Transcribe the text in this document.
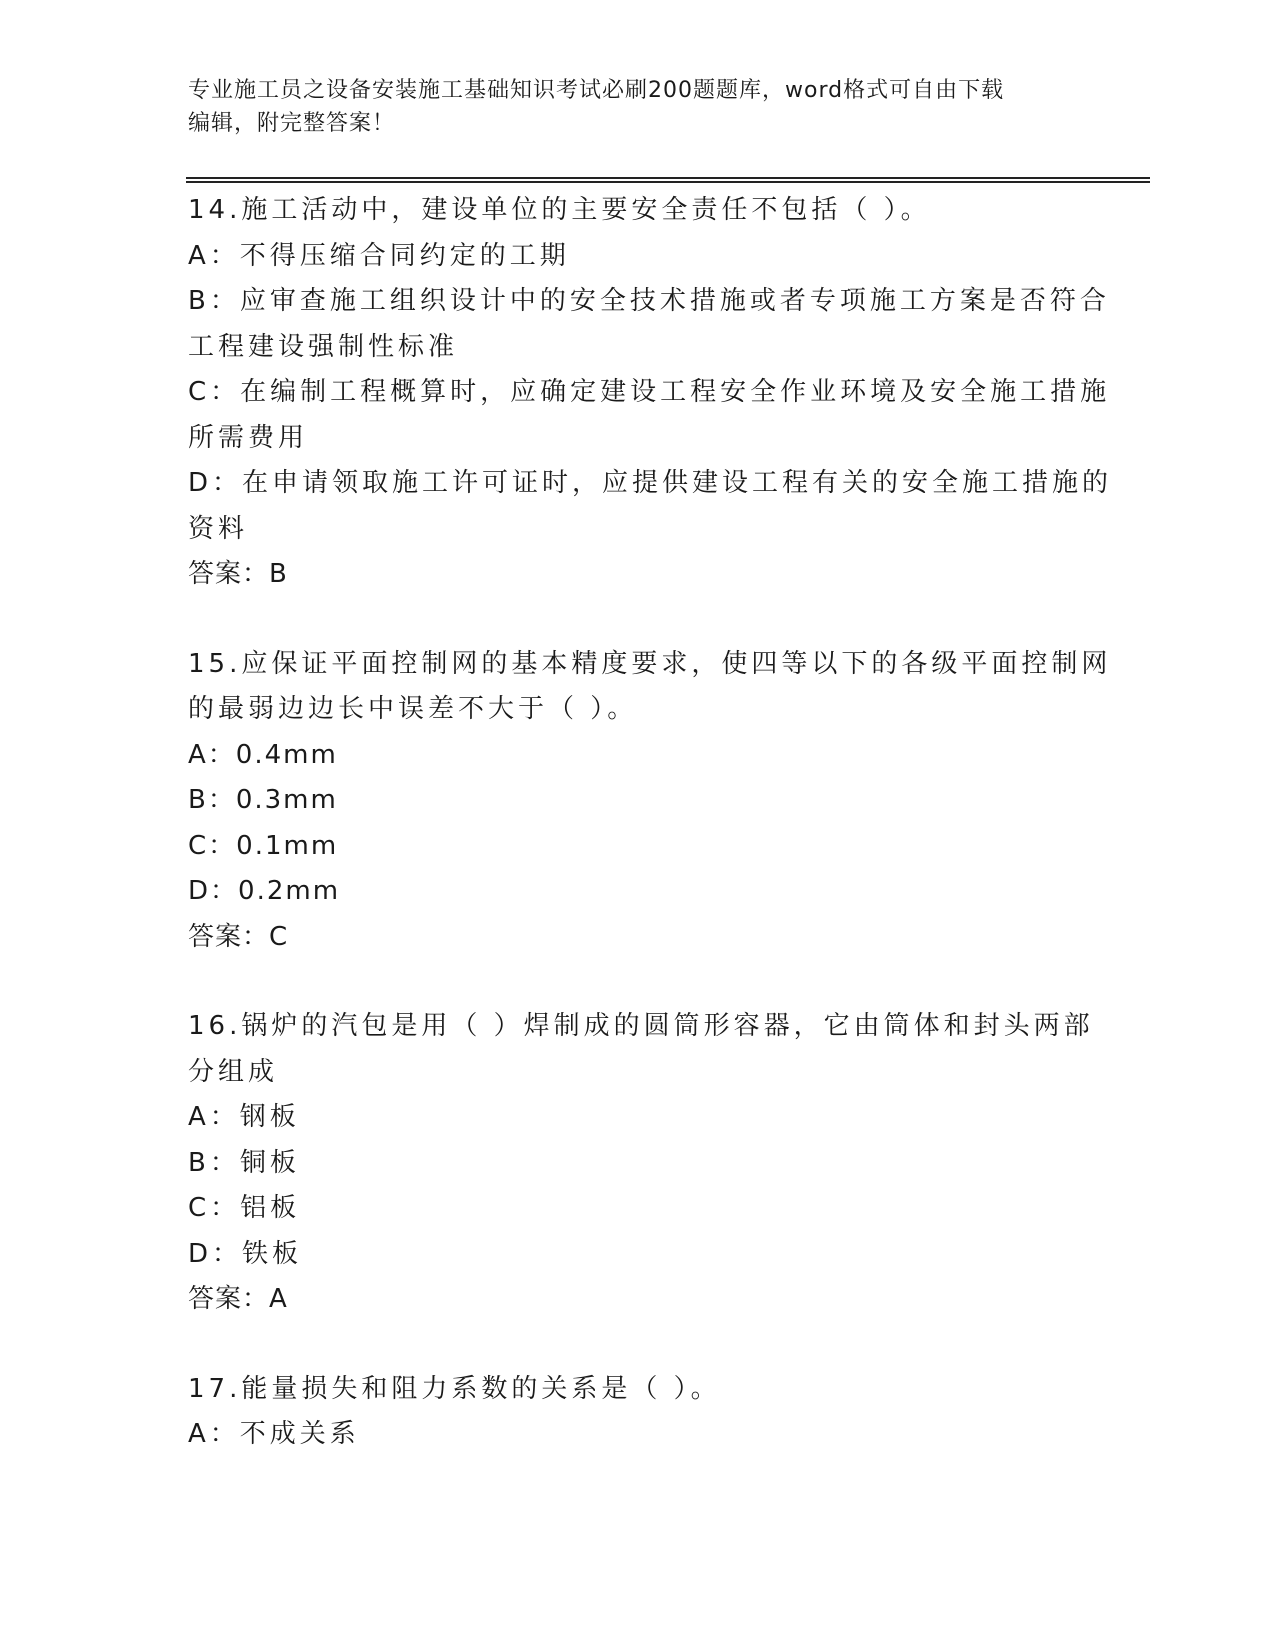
专业施工员之设备安装施工基础知识考试必刷200题题库，word格式可自由下载
编辑，附完整答案！
14.施工活动中，建设单位的主要安全责任不包括（ ）。
A：不得压缩合同约定的工期
B：应审查施工组织设计中的安全技术措施或者专项施工方案是否符合
工程建设强制性标准
C：在编制工程概算时，应确定建设工程安全作业环境及安全施工措施
所需费用
D：在申请领取施工许可证时，应提供建设工程有关的安全施工措施的
资料
答案：B
15.应保证平面控制网的基本精度要求，使四等以下的各级平面控制网
的最弱边边长中误差不大于（ ）。
A：0.4mm
B：0.3mm
C：0.1mm
D：0.2mm
答案：C
16.锅炉的汽包是用（ ）焊制成的圆筒形容器，它由筒体和封头两部
分组成
A：钢板
B：铜板
C：铝板
D：铁板
答案：A
17.能量损失和阻力系数的关系是（ ）。
A：不成关系
